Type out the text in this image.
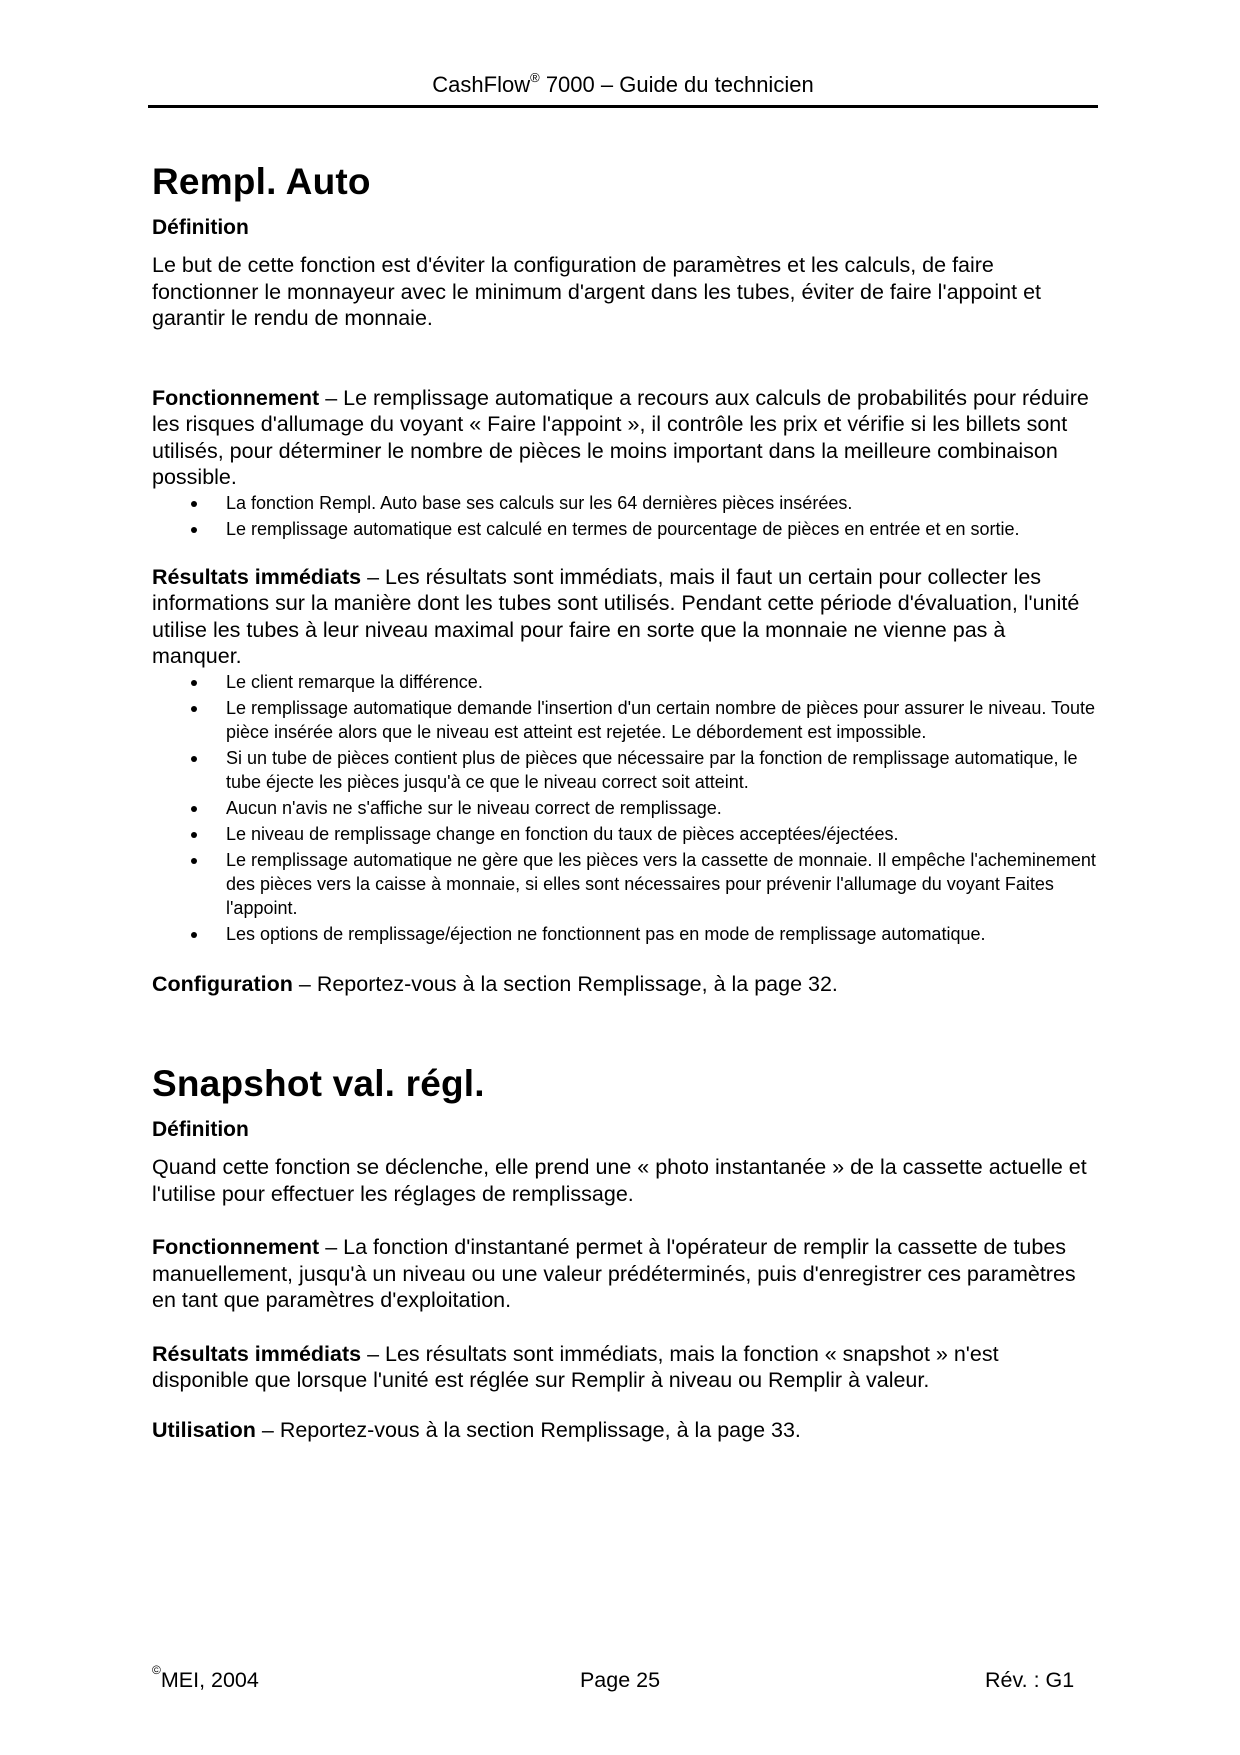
CashFlow® 7000 – Guide du technicien
Rempl. Auto
Définition

Le but de cette fonction est d'éviter la configuration de paramètres et les calculs, de faire fonctionner le monnayeur avec le minimum d'argent dans les tubes, éviter de faire l'appoint et garantir le rendu de monnaie.

Fonctionnement – Le remplissage automatique a recours aux calculs de probabilités pour réduire les risques d'allumage du voyant « Faire l'appoint », il contrôle les prix et vérifie si les billets sont utilisés, pour déterminer le nombre de pièces le moins important dans la meilleure combinaison possible.

La fonction Rempl. Auto base ses calculs sur les 64 dernières pièces insérées.
Le remplissage automatique est calculé en termes de pourcentage de pièces en entrée et en sortie.

Résultats immédiats – Les résultats sont immédiats, mais il faut un certain pour collecter les informations sur la manière dont les tubes sont utilisés. Pendant cette période d'évaluation, l'unité utilise les tubes à leur niveau maximal pour faire en sorte que la monnaie ne vienne pas à manquer.

Le client remarque la différence.
Le remplissage automatique demande l'insertion d'un certain nombre de pièces pour assurer le niveau. Toute pièce insérée alors que le niveau est atteint est rejetée. Le débordement est impossible.
Si un tube de pièces contient plus de pièces que nécessaire par la fonction de remplissage automatique, le tube éjecte les pièces jusqu'à ce que le niveau correct soit atteint.
Aucun n'avis ne s'affiche sur le niveau correct de remplissage.
Le niveau de remplissage change en fonction du taux de pièces acceptées/éjectées.
Le remplissage automatique ne gère que les pièces vers la cassette de monnaie. Il empêche l'acheminement des pièces vers la caisse à monnaie, si elles sont nécessaires pour prévenir l'allumage du voyant Faites l'appoint.
Les options de remplissage/éjection ne fonctionnent pas en mode de remplissage automatique.

Configuration – Reportez-vous à la section Remplissage, à la page 32.

Snapshot val. régl.
Définition

Quand cette fonction se déclenche, elle prend une « photo instantanée » de la cassette actuelle et l'utilise pour effectuer les réglages de remplissage.

Fonctionnement – La fonction d'instantané permet à l'opérateur de remplir la cassette de tubes manuellement, jusqu'à un niveau ou une valeur prédéterminés, puis d'enregistrer ces paramètres en tant que paramètres d'exploitation.

Résultats immédiats – Les résultats sont immédiats, mais la fonction « snapshot » n'est disponible que lorsque l'unité est réglée sur Remplir à niveau ou Remplir à valeur.

Utilisation – Reportez-vous à la section Remplissage, à la page 33.

©MEI, 2004	Page 25	Rév. : G1
